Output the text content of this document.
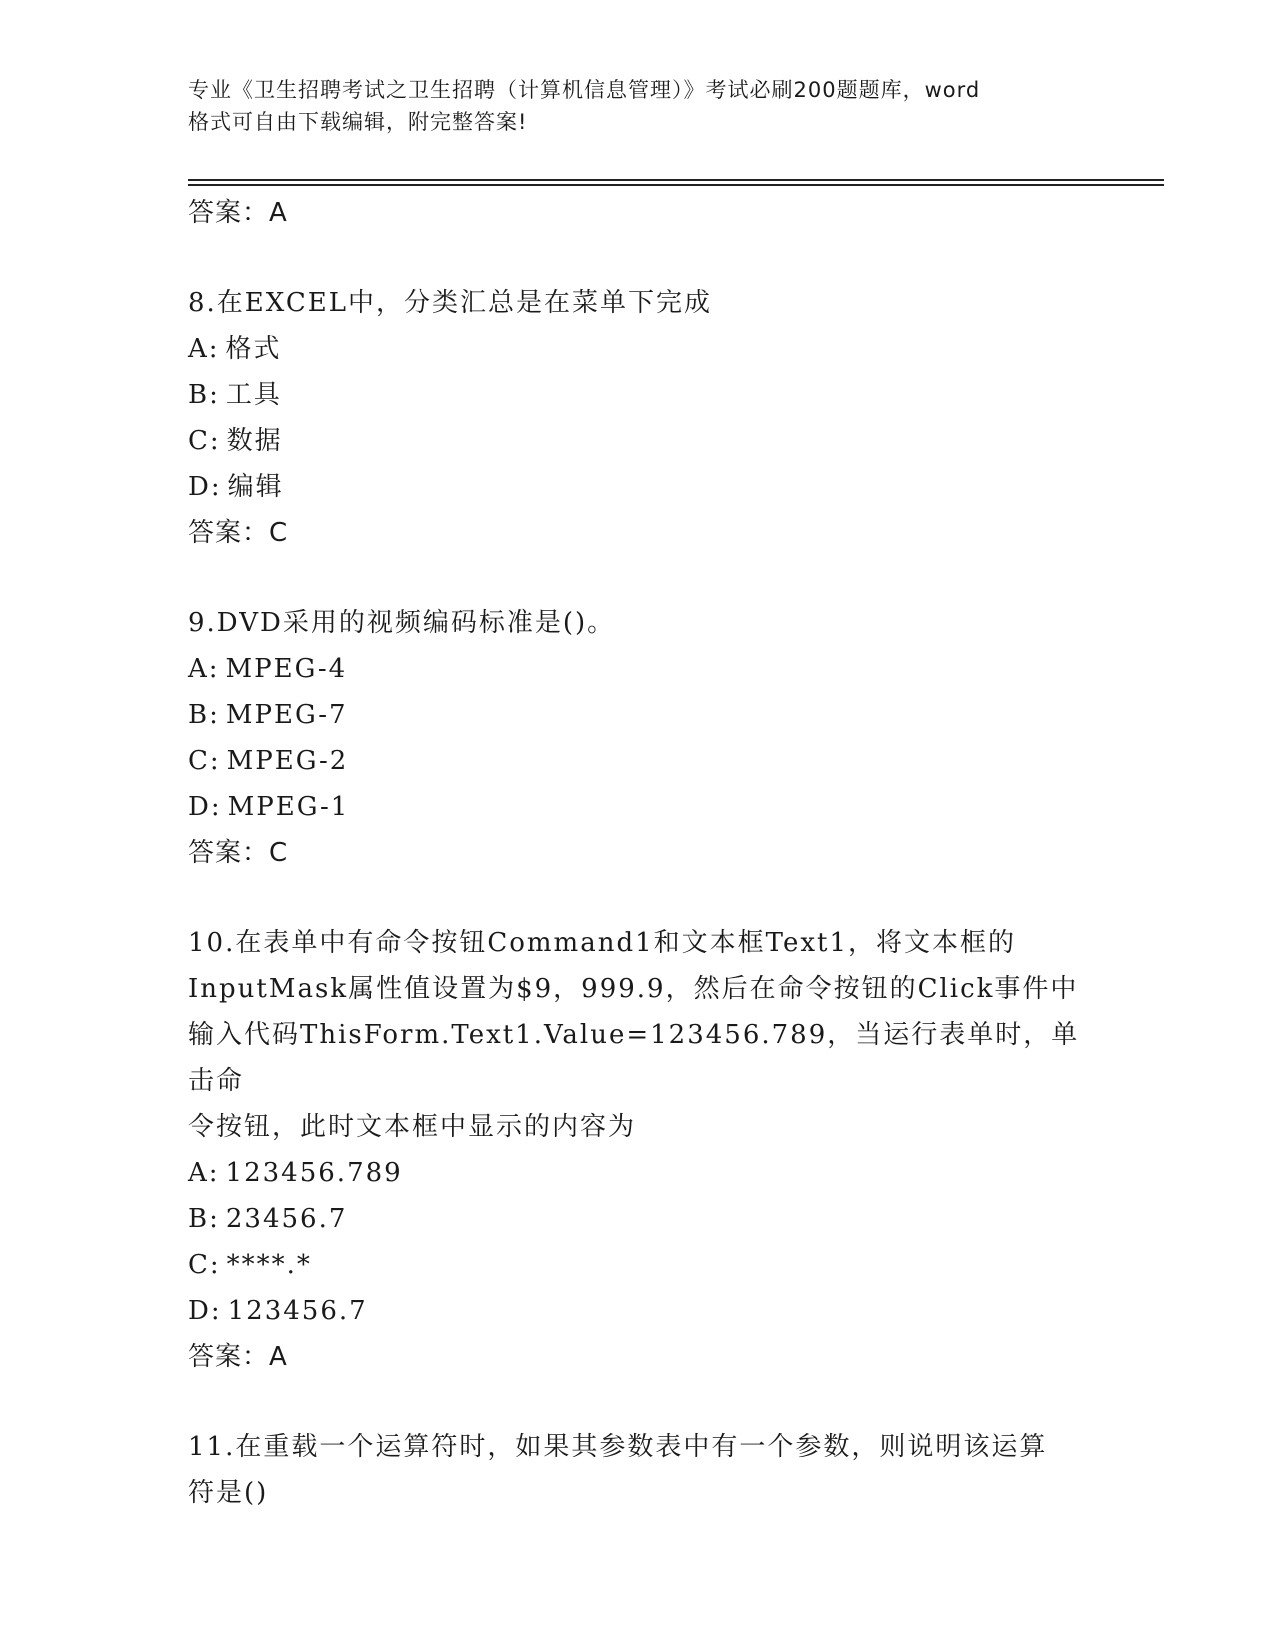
专业《卫生招聘考试之卫生招聘（计算机信息管理）》考试必刷200题题库，word
格式可自由下载编辑，附完整答案!
答案：A
8.在EXCEL中，分类汇总是在菜单下完成
A: 格式
B: 工具
C: 数据
D: 编辑
答案：C
9.DVD采用的视频编码标准是()。
A: MPEG-4
B: MPEG-7
C: MPEG-2
D: MPEG-1
答案：C
10.在表单中有命令按钮Command1和文本框Text1，将文本框的
InputMask属性值设置为$9，999.9，然后在命令按钮的Click事件中
输入代码ThisForm.Text1.Value=123456.789，当运行表单时，单击命
令按钮，此时文本框中显示的内容为
A: 123456.789
B: 23456.7
C: ****.*
D: 123456.7
答案：A
11.在重载一个运算符时，如果其参数表中有一个参数，则说明该运算
符是()
